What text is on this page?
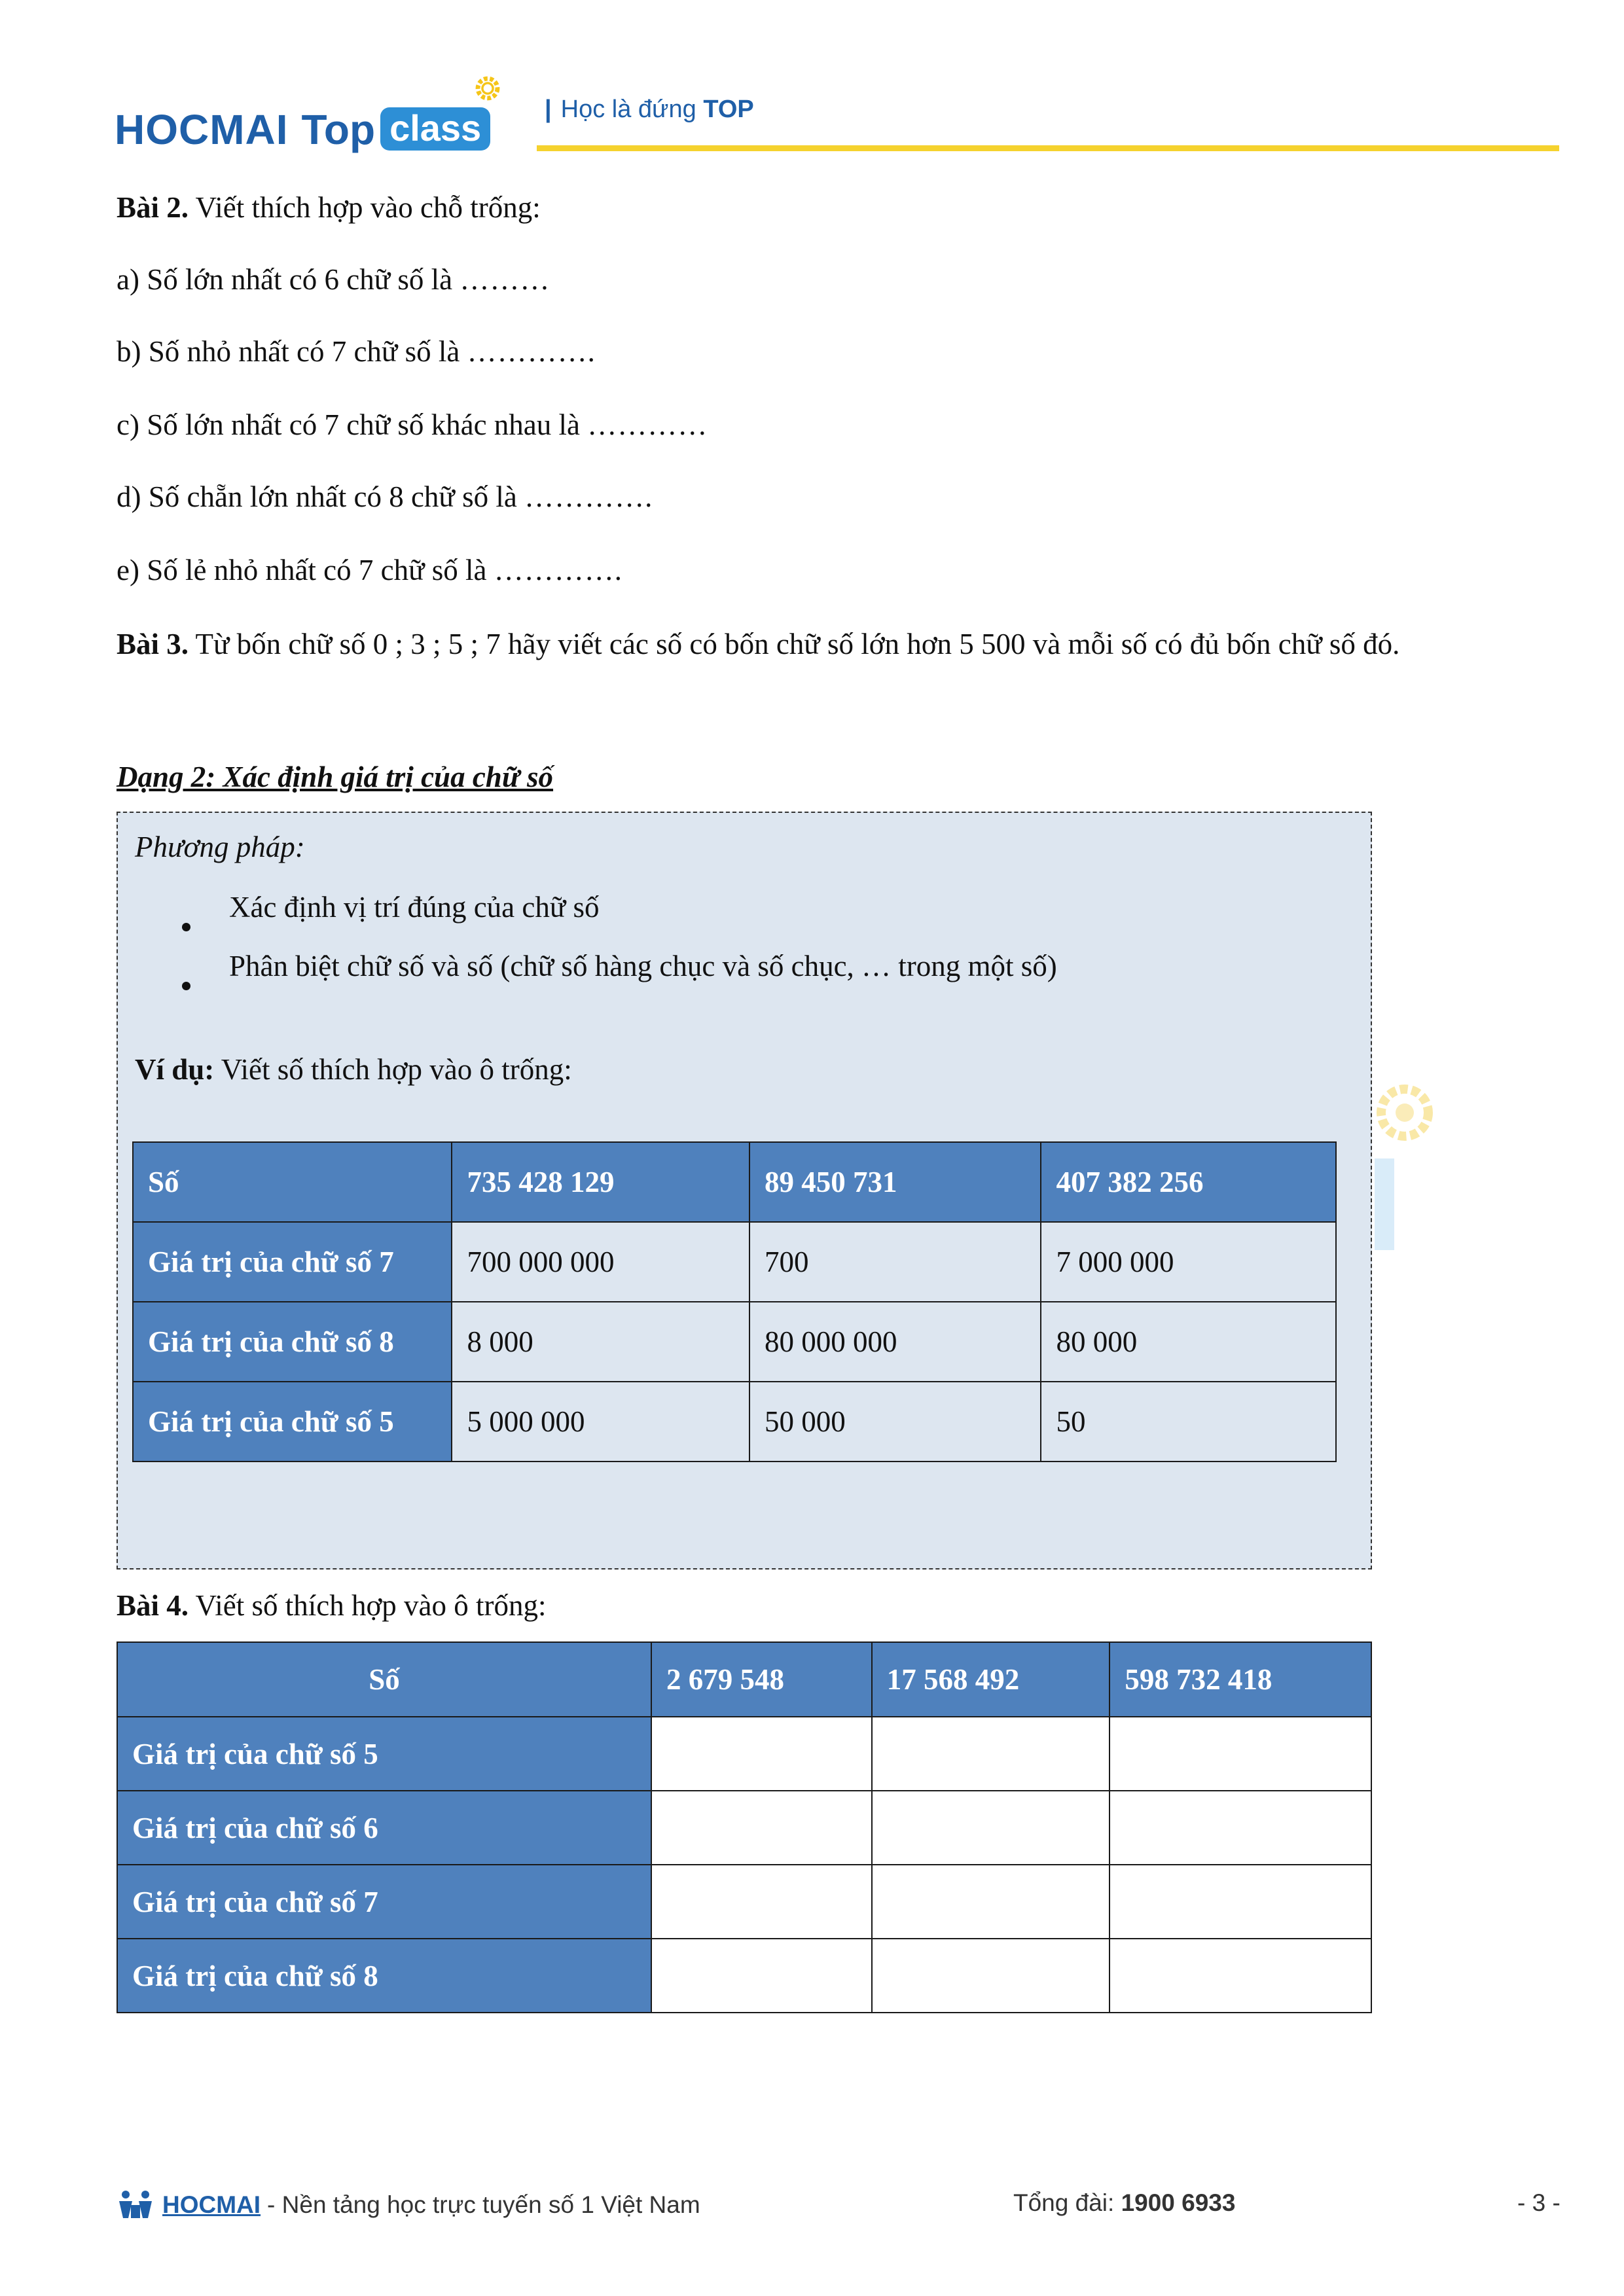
HOCMAI Top class	| Học là đứng TOP
Bài 2. Viết thích hợp vào chỗ trống:
a) Số lớn nhất có 6 chữ số là ………
b) Số nhỏ nhất có 7 chữ số là ………….
c) Số lớn nhất có 7 chữ số khác nhau là …………
d) Số chẵn lớn nhất có 8 chữ số là ………….
e) Số lẻ nhỏ nhất có 7 chữ số là ………….
Bài 3. Từ bốn chữ số 0 ; 3 ; 5 ; 7 hãy viết các số có bốn chữ số lớn hơn 5 500 và mỗi số có đủ bốn chữ số đó.
Dạng 2: Xác định giá trị của chữ số
Phương pháp:
Xác định vị trí đúng của chữ số
Phân biệt chữ số và số (chữ số hàng chục và số chục, … trong một số)
Ví dụ: Viết số thích hợp vào ô trống:
Số	735 428 129	89 450 731	407 382 256
Giá trị của chữ số 7	700 000 000	700	7 000 000
Giá trị của chữ số 8	8 000	80 000 000	80 000
Giá trị của chữ số 5	5 000 000	50 000	50
Bài 4. Viết số thích hợp vào ô trống:
Số	2 679 548	17 568 492	598 732 418
Giá trị của chữ số 5			
Giá trị của chữ số 6			
Giá trị của chữ số 7			
Giá trị của chữ số 8			
HOCMAI - Nền tảng học trực tuyến số 1 Việt Nam	Tổng đài: 1900 6933	- 3 -
